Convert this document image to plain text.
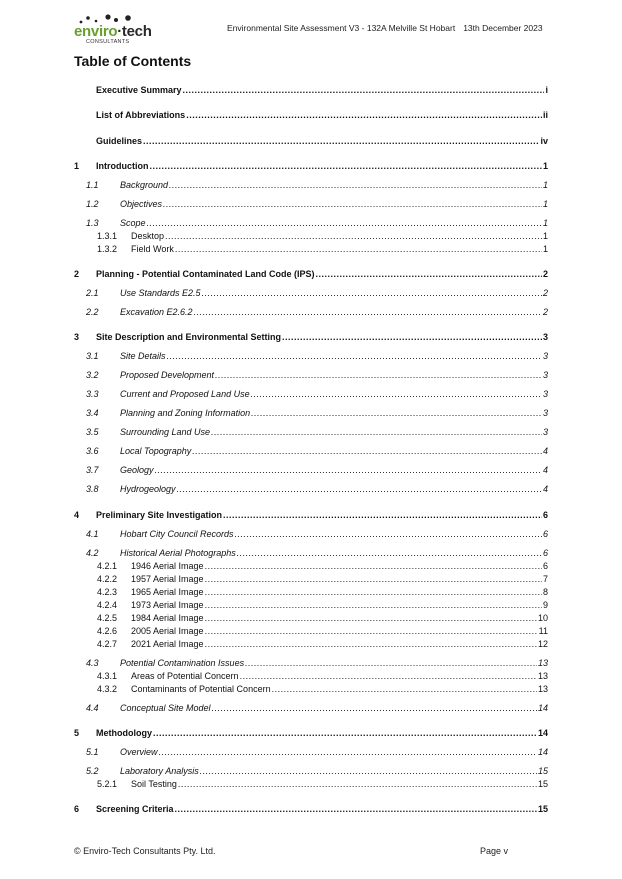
enviro·tech
CONSULTANTS
Environmental Site Assessment V3 - 132A Melville St Hobart 13th December 2023
Table of Contents
Executive Summary .....	i
List of Abbreviations .....	ii
Guidelines .....	iv
1	Introduction .....	1
1.1	Background .....	1
1.2	Objectives .....	1
1.3	Scope .....	1
1.3.1	Desktop .....	1
1.3.2	Field Work .....	1
2	Planning - Potential Contaminated Land Code (IPS) .....	2
2.1	Use Standards E2.5 .....	2
2.2	Excavation E2.6.2 .....	2
3	Site Description and Environmental Setting .....	3
3.1	Site Details .....	3
3.2	Proposed Development .....	3
3.3	Current and Proposed Land Use .....	3
3.4	Planning and Zoning Information .....	3
3.5	Surrounding Land Use .....	3
3.6	Local Topography .....	4
3.7	Geology .....	4
3.8	Hydrogeology .....	4
4	Preliminary Site Investigation .....	6
4.1	Hobart City Council Records .....	6
4.2	Historical Aerial Photographs .....	6
4.2.1	1946 Aerial Image .....	6
4.2.2	1957 Aerial Image .....	7
4.2.3	1965 Aerial Image .....	8
4.2.4	1973 Aerial Image .....	9
4.2.5	1984 Aerial Image .....	10
4.2.6	2005 Aerial Image .....	11
4.2.7	2021 Aerial Image .....	12
4.3	Potential Contamination Issues .....	13
4.3.1	Areas of Potential Concern .....	13
4.3.2	Contaminants of Potential Concern .....	13
4.4	Conceptual Site Model .....	14
5	Methodology .....	14
5.1	Overview .....	14
5.2	Laboratory Analysis .....	15
5.2.1	Soil Testing .....	15
6	Screening Criteria .....	15
© Enviro-Tech Consultants Pty. Ltd.	Page v
